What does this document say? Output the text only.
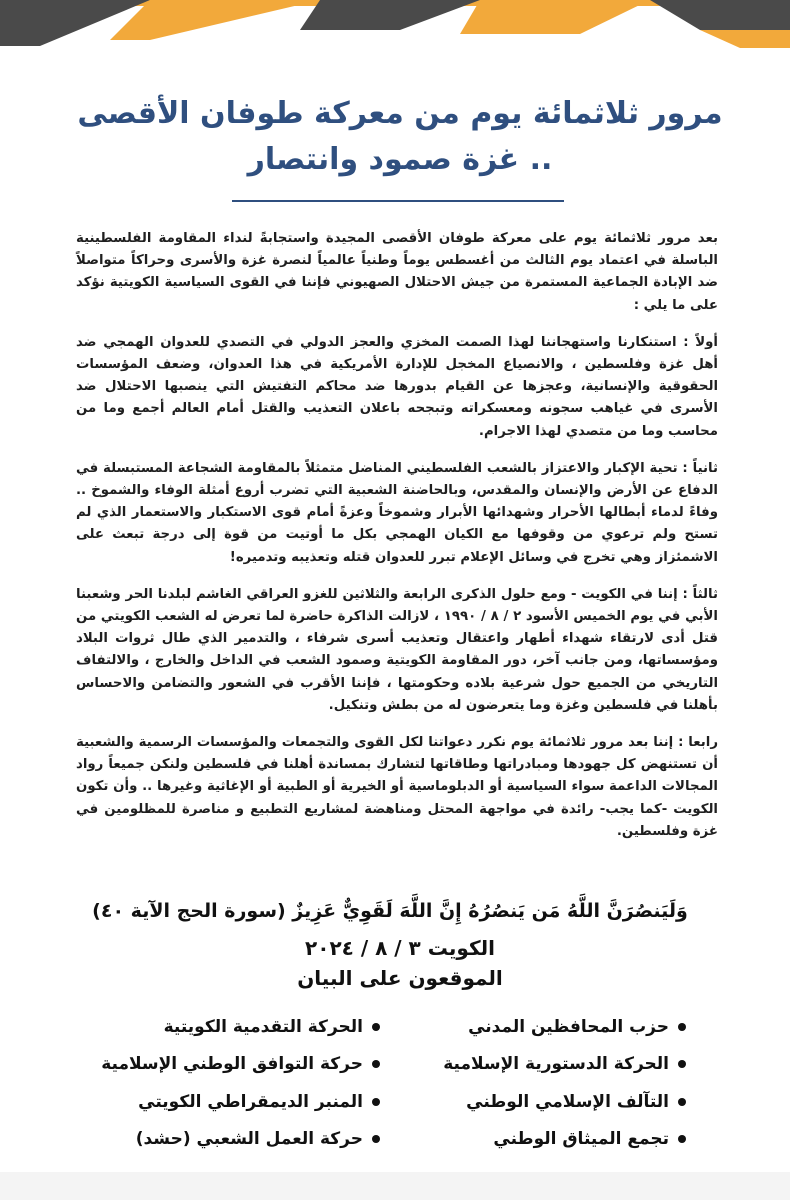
مرور ثلاثمائة يوم من معركة طوفان الأقصى
.. غزة صمود وانتصار

بعد مرور ثلاثمائة يوم على معركة طوفان الأقصى المجيدة واستجابةً لنداء المقاومة الفلسطينية الباسلة في اعتماد يوم الثالث من أغسطس يوماً وطنياً عالمياً لنصرة غزة والأسرى وحراكاً متواصلاً ضد الإبادة الجماعية المستمرة من جيش الاحتلال الصهيوني فإننا في القوى السياسية الكويتية نؤكد على ما يلي :

أولاً : استنكارنا واستهجاننا لهذا الصمت المخزي والعجز الدولي في التصدي للعدوان الهمجي ضد أهل غزة وفلسطين ، والانصياع المخجل للإدارة الأمريكية في هذا العدوان، وضعف المؤسسات الحقوقية والإنسانية، وعجزها عن القيام بدورها ضد محاكم التفتيش التي ينصبها الاحتلال ضد الأسرى في غياهب سجونه ومعسكراته وتبجحه باعلان التعذيب والقتل أمام العالم أجمع وما من محاسب وما من متصدي لهذا الاجرام.

ثانياً : تحية الإكبار والاعتزاز بالشعب الفلسطيني المناضل متمثلاً بالمقاومة الشجاعة المستبسلة في الدفاع عن الأرض والإنسان والمقدس، وبالحاضنة الشعبية التي تضرب أروع أمثلة الوفاء والشموخ .. وفاءً لدماء أبطالها الأحرار وشهدائها الأبرار وشموخاً وعزةً أمام قوى الاستكبار والاستعمار الذي لم تستح ولم ترعوي من وقوفها مع الكيان الهمجي بكل ما أوتيت من قوة إلى درجة تبعث على الاشمئزاز وهي تخرج في وسائل الإعلام تبرر للعدوان قتله وتعذيبه وتدميره!

ثالثاً : إننا في الكويت - ومع حلول الذكرى الرابعة والثلاثين للغزو العراقي الغاشم لبلدنا الحر وشعبنا الأبي في يوم الخميس الأسود ٢ / ٨ / ١٩٩٠ ، لازالت الذاكرة حاضرة لما تعرض له الشعب الكويتي من قتل أدى لارتقاء شهداء أطهار واعتقال وتعذيب أسرى شرفاء ، والتدمير الذي طال ثروات البلاد ومؤسساتها، ومن جانب آخر، دور المقاومة الكويتية وصمود الشعب في الداخل والخارج ، والالتفاف التاريخي من الجميع حول شرعية بلاده وحكومتها ، فإننا الأقرب في الشعور والتضامن والاحساس بأهلنا في فلسطين وغزة وما يتعرضون له من بطش وتنكيل.

رابعا : إننا بعد مرور ثلاثمائة يوم نكرر دعواتنا لكل القوى والتجمعات والمؤسسات الرسمية والشعبية أن تستنهض كل جهودها ومبادراتها وطاقاتها لتشارك بمساندة أهلنا في فلسطين ولنكن جميعاً رواد المجالات الداعمة سواء السياسية أو الدبلوماسية أو الخيرية أو الطبية أو الإغاثية وغيرها .. وأن تكون الكويت -كما يجب- رائدة في مواجهة المحتل ومناهضة لمشاريع التطبيع و مناصرة للمظلومين في غزة وفلسطين.

وَلَيَنصُرَنَّ اللَّهُ مَن يَنصُرُهُ إِنَّ اللَّهَ لَقَوِيٌّ عَزِيزٌ (سورة الحج الآية ٤٠)
الكويت ٣ / ٨ / ٢٠٢٤
الموقعون على البيان
حزب المحافظين المدني
الحركة الدستورية الإسلامية
التآلف الإسلامي الوطني
تجمع الميثاق الوطني
الحركة التقدمية الكويتية
حركة التوافق الوطني الإسلامية
المنبر الديمقراطي الكويتي
حركة العمل الشعبي (حشد)
